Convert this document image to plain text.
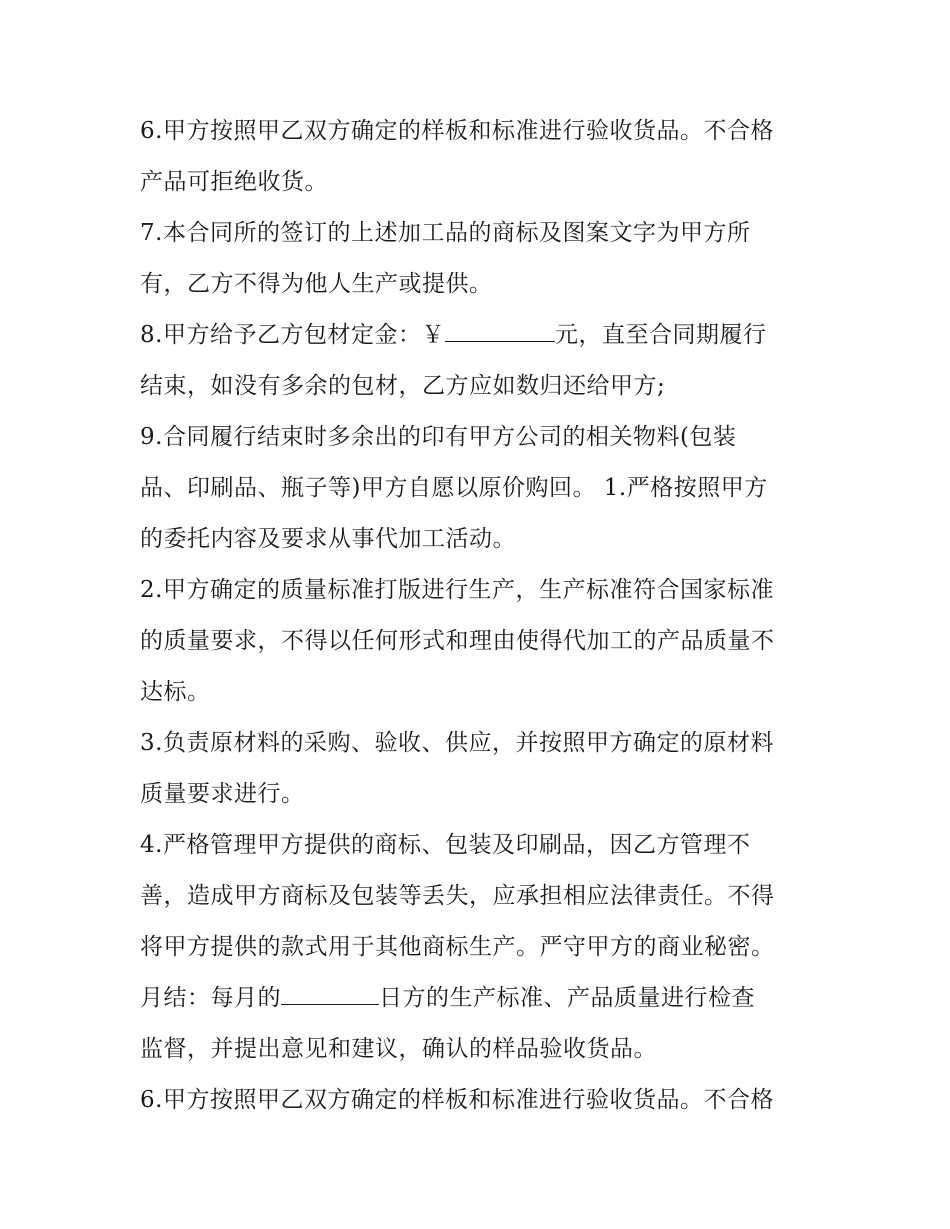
6.甲方按照甲乙双方确定的样板和标准进行验收货品。不合格
产品可拒绝收货。
7.本合同所的签订的上述加工品的商标及图案文字为甲方所
有，乙方不得为他人生产或提供。
8.甲方给予乙方包材定金：￥	元，直至合同期履行
结束，如没有多余的包材，乙方应如数归还给甲方;
9.合同履行结束时多余出的印有甲方公司的相关物料(包装
品、印刷品、瓶子等)甲方自愿以原价购回。 1.严格按照甲方
的委托内容及要求从事代加工活动。
2.甲方确定的质量标准打版进行生产，生产标准符合国家标准
的质量要求，不得以任何形式和理由使得代加工的产品质量不
达标。
3.负责原材料的采购、验收、供应，并按照甲方确定的原材料
质量要求进行。
4.严格管理甲方提供的商标、包装及印刷品，因乙方管理不
善，造成甲方商标及包装等丢失，应承担相应法律责任。不得
将甲方提供的款式用于其他商标生产。严守甲方的商业秘密。
月结：每月的	日方的生产标准、产品质量进行检查
监督，并提出意见和建议，确认的样品验收货品。
6.甲方按照甲乙双方确定的样板和标准进行验收货品。不合格
